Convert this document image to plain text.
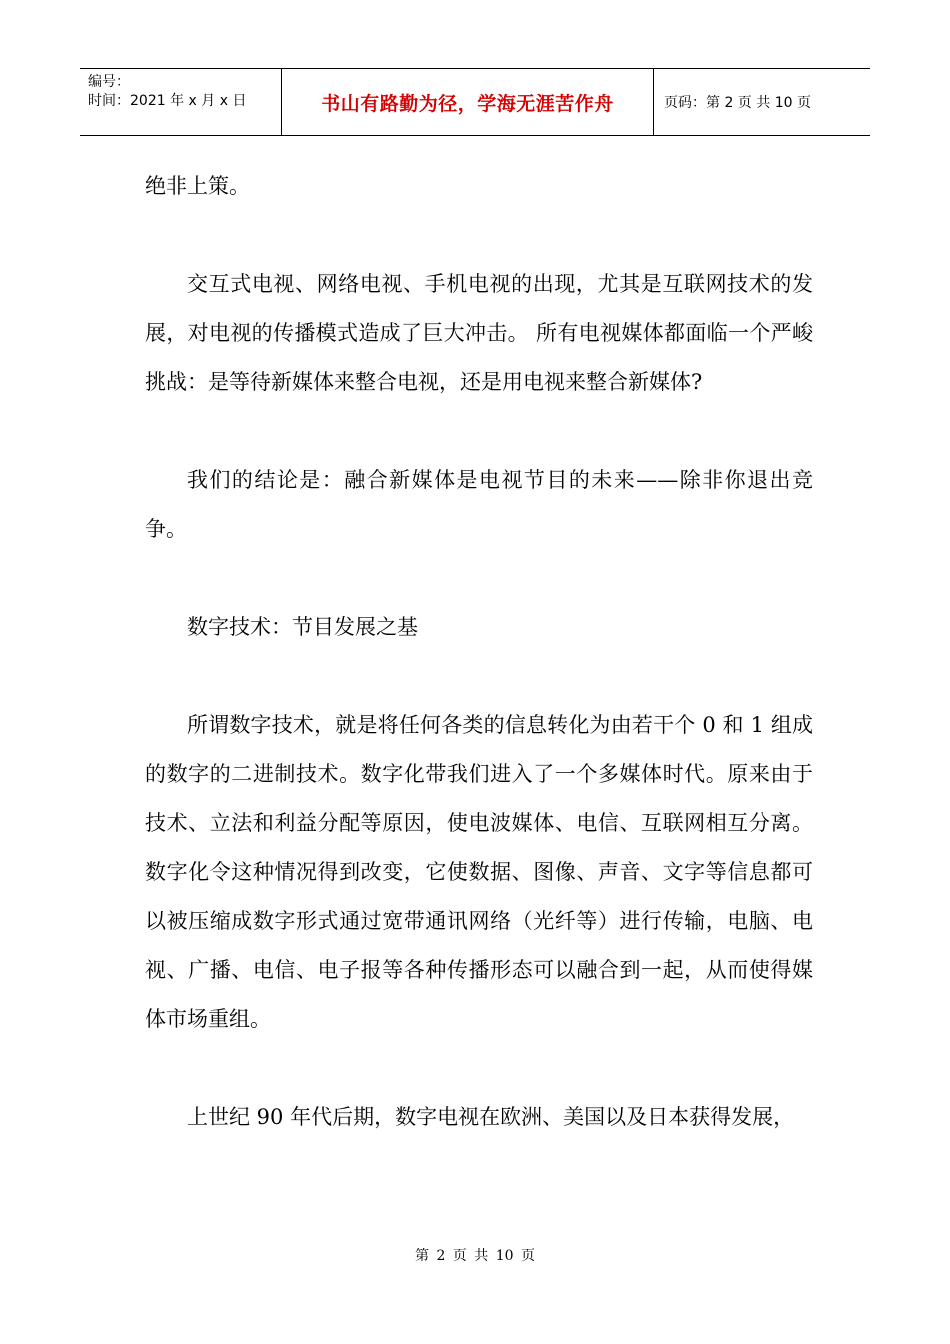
编号：
时间：2021 年 x 月 x 日	书山有路勤为径，学海无涯苦作舟	页码：第 2 页 共 10 页

绝非上策。

交互式电视、网络电视、手机电视的出现，尤其是互联网技术的发展，对电视的传播模式造成了巨大冲击。 所有电视媒体都面临一个严峻挑战：是等待新媒体来整合电视，还是用电视来整合新媒体?

我们的结论是：融合新媒体是电视节目的未来——除非你退出竞争。

数字技术：节目发展之基

所谓数字技术，就是将任何各类的信息转化为由若干个 0 和 1 组成的数字的二进制技术。数字化带我们进入了一个多媒体时代。原来由于技术、立法和利益分配等原因，使电波媒体、电信、互联网相互分离。数字化令这种情况得到改变，它使数据、图像、声音、文字等信息都可以被压缩成数字形式通过宽带通讯网络（光纤等）进行传输，电脑、电视、广播、电信、电子报等各种传播形态可以融合到一起，从而使得媒体市场重组。

上世纪 90 年代后期，数字电视在欧洲、美国以及日本获得发展，

第 2 页 共 10 页
